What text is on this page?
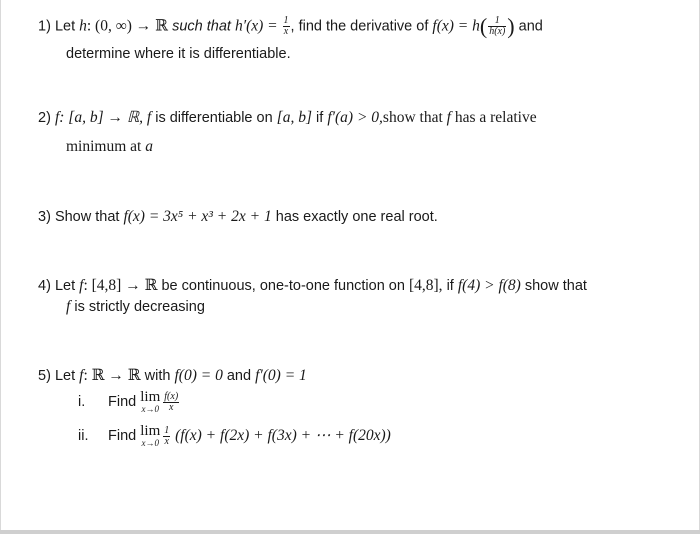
1) Let h: (0, ∞) → ℝ such that $h'(x) = \frac{1}{x}$ , find the derivative of $f(x) = h( \frac{1}{h(x)}$ ) and
determine where it is differentiable.
2) f: [a, b] → ℝ, f is differentiable on [a, b] if f′(a) > 0,show that f has a relative
minimum at a
3) Show that f(x) = 3x⁵ + x³ + 2x + 1 has exactly one real root.
4) Let f: [4,8] → ℝ be continuous, one-to-one function on [4,8], if f(4) > f(8) show that
f is strictly decreasing
5) Let f: ℝ → ℝ with f(0) = 0 and f′(0) = 1
i. Find lim
$x\to 0 \frac{f(x)}{x}$
ii. Find lim
$x\to 0 \frac{1}{x} (f(x) + f(2x) + f(3x)$ + ⋯ + f(20x))
